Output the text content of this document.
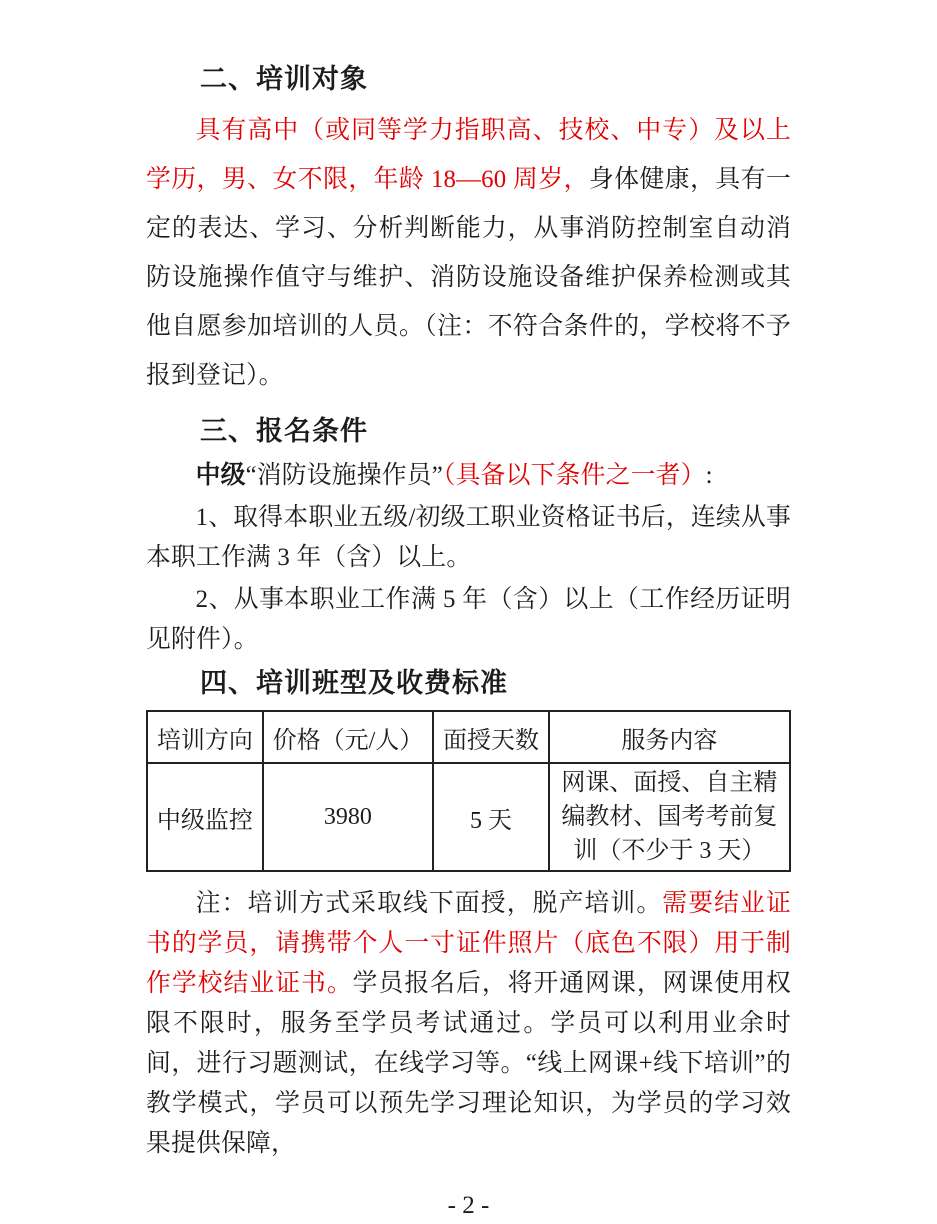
二、培训对象

具有高中（或同等学力指职高、技校、中专）及以上学历，男、女不限，年龄 18—60 周岁，身体健康，具有一定的表达、学习、分析判断能力，从事消防控制室自动消防设施操作值守与维护、消防设施设备维护保养检测或其他自愿参加培训的人员。（注：不符合条件的，学校将不予报到登记）。

三、报名条件

中级“消防设施操作员”（具备以下条件之一者）:

1、取得本职业五级/初级工职业资格证书后，连续从事本职工作满 3 年（含）以上。

2、从事本职业工作满 5 年（含）以上（工作经历证明见附件）。

四、培训班型及收费标准
培训方向	价格（元/人）	面授天数	服务内容
中级监控	3980	5 天	网课、面授、自主精编教材、国考考前复训（不少于 3 天）

注：培训方式采取线下面授，脱产培训。需要结业证书的学员，请携带个人一寸证件照片（底色不限）用于制作学校结业证书。学员报名后，将开通网课，网课使用权限不限时，服务至学员考试通过。学员可以利用业余时间，进行习题测试，在线学习等。“线上网课+线下培训”的教学模式，学员可以预先学习理论知识，为学员的学习效果提供保障，

- 2 -
